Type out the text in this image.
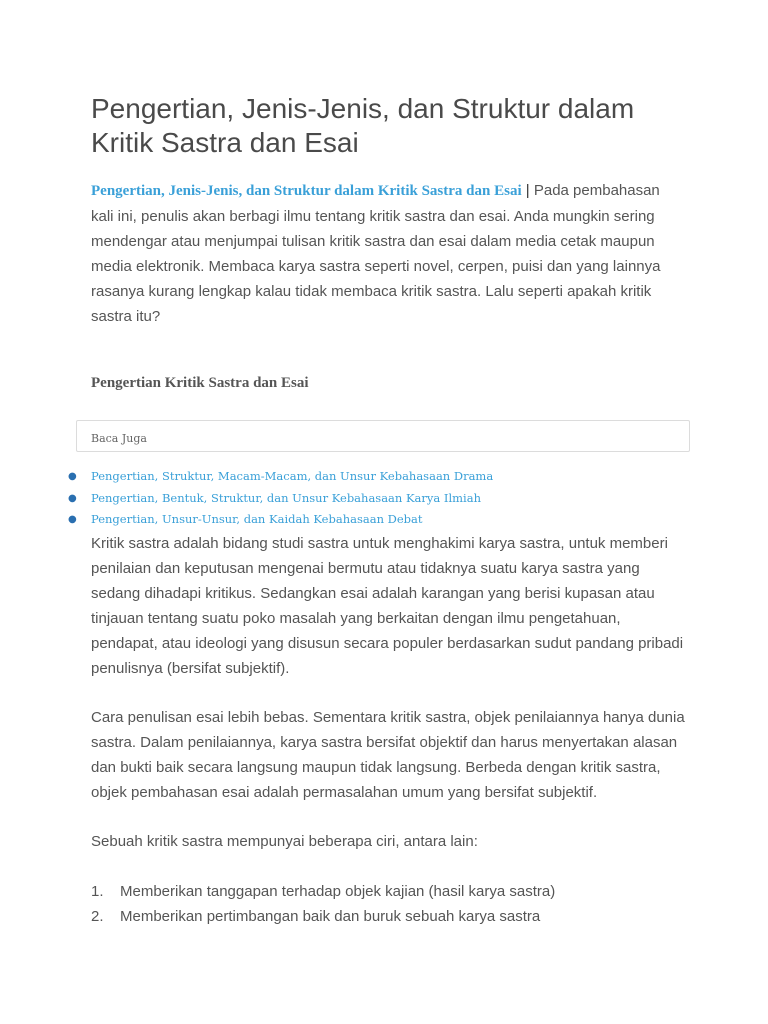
Pengertian, Jenis-Jenis, dan Struktur dalam Kritik Sastra dan Esai
Pengertian, Jenis-Jenis, dan Struktur dalam Kritik Sastra dan Esai | Pada pembahasan kali ini, penulis akan berbagi ilmu tentang kritik sastra dan esai. Anda mungkin sering mendengar atau menjumpai tulisan kritik sastra dan esai dalam media cetak maupun media elektronik. Membaca karya sastra seperti novel, cerpen, puisi dan yang lainnya rasanya kurang lengkap kalau tidak membaca kritik sastra. Lalu seperti apakah kritik sastra itu?
Pengertian Kritik Sastra dan Esai
Baca Juga
● Pengertian, Struktur, Macam-Macam, dan Unsur Kebahasaan Drama
● Pengertian, Bentuk, Struktur, dan Unsur Kebahasaan Karya Ilmiah
● Pengertian, Unsur-Unsur, dan Kaidah Kebahasaan Debat

Kritik sastra adalah bidang studi sastra untuk menghakimi karya sastra, untuk memberi penilaian dan keputusan mengenai bermutu atau tidaknya suatu karya sastra yang sedang dihadapi kritikus. Sedangkan esai adalah karangan yang berisi kupasan atau tinjauan tentang suatu poko masalah yang berkaitan dengan ilmu pengetahuan, pendapat, atau ideologi yang disusun secara populer berdasarkan sudut pandang pribadi penulisnya (bersifat subjektif).

Cara penulisan esai lebih bebas. Sementara kritik sastra, objek penilaiannya hanya dunia sastra. Dalam penilaiannya, karya sastra bersifat objektif dan harus menyertakan alasan dan bukti baik secara langsung maupun tidak langsung. Berbeda dengan kritik sastra, objek pembahasan esai adalah permasalahan umum yang bersifat subjektif.

Sebuah kritik sastra mempunyai beberapa ciri, antara lain:

1. Memberikan tanggapan terhadap objek kajian (hasil karya sastra)
2. Memberikan pertimbangan baik dan buruk sebuah karya sastra
